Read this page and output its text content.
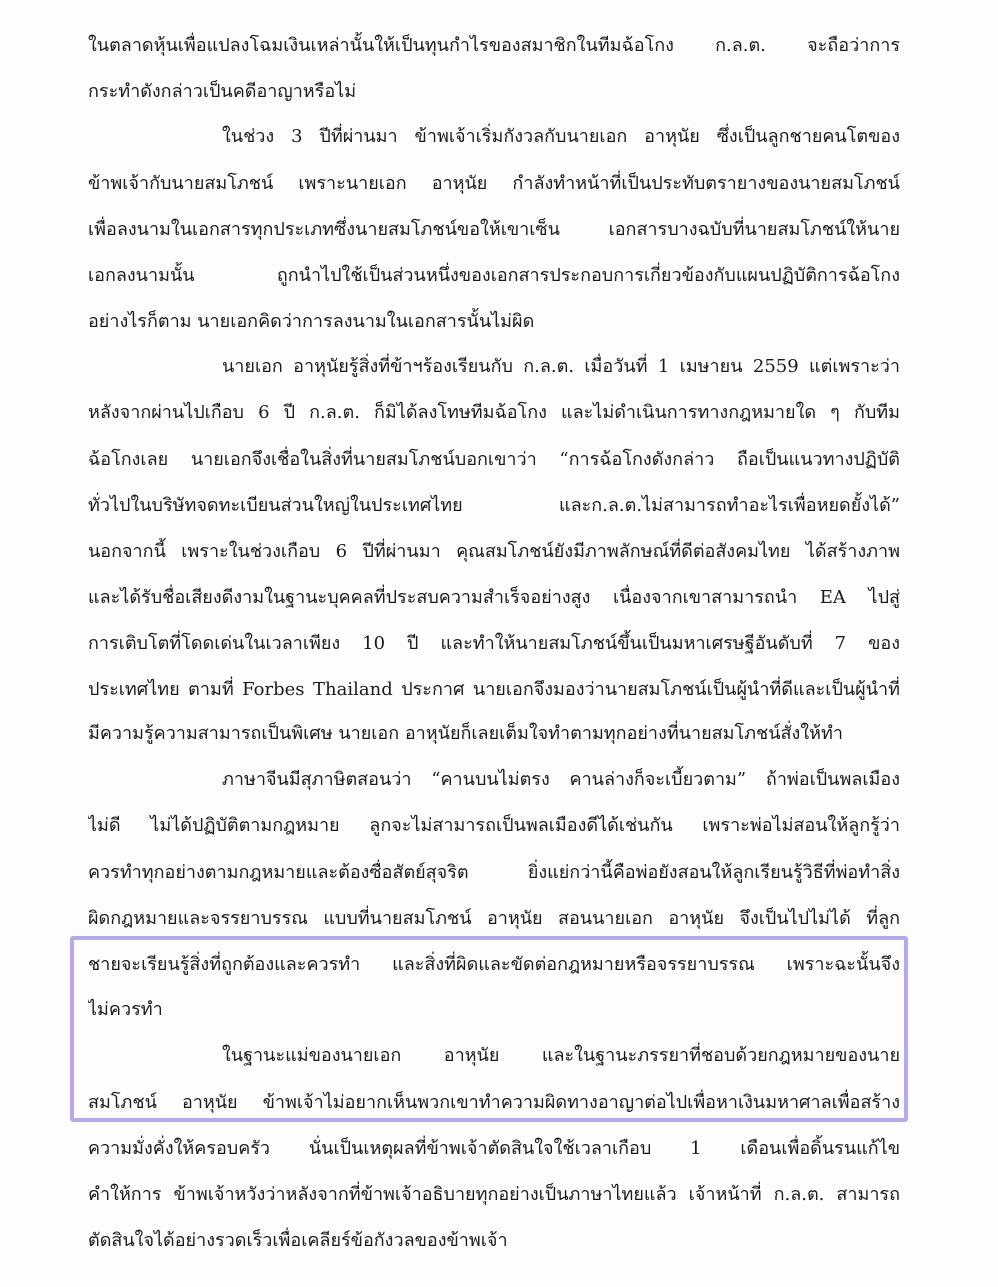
ในตลาดหุ้นเพื่อแปลงโฉมเงินเหล่านั้นให้เป็นทุนกำไรของสมาชิกในทีมฉ้อโกง ก.ล.ต. จะถือว่าการ
กระทำดังกล่าวเป็นคดีอาญาหรือไม่
ในช่วง 3 ปีที่ผ่านมา ข้าพเจ้าเริ่มกังวลกับนายเอก อาหุนัย ซึ่งเป็นลูกชายคนโตของ
ข้าพเจ้ากับนายสมโภชน์ เพราะนายเอก อาหุนัย กำลังทำหน้าที่เป็นประทับตรายางของนายสมโภชน์
เพื่อลงนามในเอกสารทุกประเภทซึ่งนายสมโภชน์ขอให้เขาเซ็น เอกสารบางฉบับที่นายสมโภชน์ให้นาย
เอกลงนามนั้น ถูกนำไปใช้เป็นส่วนหนึ่งของเอกสารประกอบการเกี่ยวข้องกับแผนปฏิบัติการฉ้อโกง
อย่างไรก็ตาม นายเอกคิดว่าการลงนามในเอกสารนั้นไม่ผิด
นายเอก อาหุนัยรู้สิ่งที่ข้าฯร้องเรียนกับ ก.ล.ต. เมื่อวันที่ 1 เมษายน 2559 แต่เพราะว่า
หลังจากผ่านไปเกือบ 6 ปี ก.ล.ต. ก็มิได้ลงโทษทีมฉ้อโกง และไม่ดำเนินการทางกฎหมายใด ๆ กับทีม
ฉ้อโกงเลย นายเอกจึงเชื่อในสิ่งที่นายสมโภชน์บอกเขาว่า “การฉ้อโกงดังกล่าว ถือเป็นแนวทางปฏิบัติ
ทั่วไปในบริษัทจดทะเบียนส่วนใหญ่ในประเทศไทย และก.ล.ต.ไม่สามารถทำอะไรเพื่อหยดยั้งได้”
นอกจากนี้ เพราะในช่วงเกือบ 6 ปีที่ผ่านมา คุณสมโภชน์ยังมีภาพลักษณ์ที่ดีต่อสังคมไทย ได้สร้างภาพ
และได้รับชื่อเสียงดีงามในฐานะบุคคลที่ประสบความสำเร็จอย่างสูง เนื่องจากเขาสามารถนำ EA ไปสู่
การเติบโตที่โดดเด่นในเวลาเพียง 10 ปี และทำให้นายสมโภชน์ขึ้นเป็นมหาเศรษฐีอันดับที่ 7 ของ
ประเทศไทย ตามที่ Forbes Thailand ประกาศ นายเอกจึงมองว่านายสมโภชน์เป็นผู้นำที่ดีและเป็นผู้นำที่
มีความรู้ความสามารถเป็นพิเศษ นายเอก อาหุนัยก็เลยเต็มใจทำตามทุกอย่างที่นายสมโภชน์สั่งให้ทำ
ภาษาจีนมีสุภาษิตสอนว่า “คานบนไม่ตรง คานล่างก็จะเบี้ยวตาม” ถ้าพ่อเป็นพลเมือง
ไม่ดี ไม่ได้ปฏิบัติตามกฎหมาย ลูกจะไม่สามารถเป็นพลเมืองดีได้เช่นกัน เพราะพ่อไม่สอนให้ลูกรู้ว่า
ควรทำทุกอย่างตามกฎหมายและต้องซื่อสัตย์สุจริต ยิ่งแย่กว่านี้คือพ่อยังสอนให้ลูกเรียนรู้วิธีที่พ่อทำสิ่ง
ผิดกฎหมายและจรรยาบรรณ แบบที่นายสมโภชน์ อาหุนัย สอนนายเอก อาหุนัย จึงเป็นไปไม่ได้ ที่ลูก
ชายจะเรียนรู้สิ่งที่ถูกต้องและควรทำ และสิ่งที่ผิดและขัดต่อกฎหมายหรือจรรยาบรรณ เพราะฉะนั้นจึง
ไม่ควรทำ
ในฐานะแม่ของนายเอก อาหุนัย และในฐานะภรรยาที่ชอบด้วยกฎหมายของนาย
สมโภชน์ อาหุนัย ข้าพเจ้าไม่อยากเห็นพวกเขาทำความผิดทางอาญาต่อไปเพื่อหาเงินมหาศาลเพื่อสร้าง
ความมั่งคั่งให้ครอบครัว นั่นเป็นเหตุผลที่ข้าพเจ้าตัดสินใจใช้เวลาเกือบ 1 เดือนเพื่อดิ้นรนแก้ไข
คำให้การ ข้าพเจ้าหวังว่าหลังจากที่ข้าพเจ้าอธิบายทุกอย่างเป็นภาษาไทยแล้ว เจ้าหน้าที่ ก.ล.ต. สามารถ
ตัดสินใจได้อย่างรวดเร็วเพื่อเคลียร์ข้อกังวลของข้าพเจ้า
